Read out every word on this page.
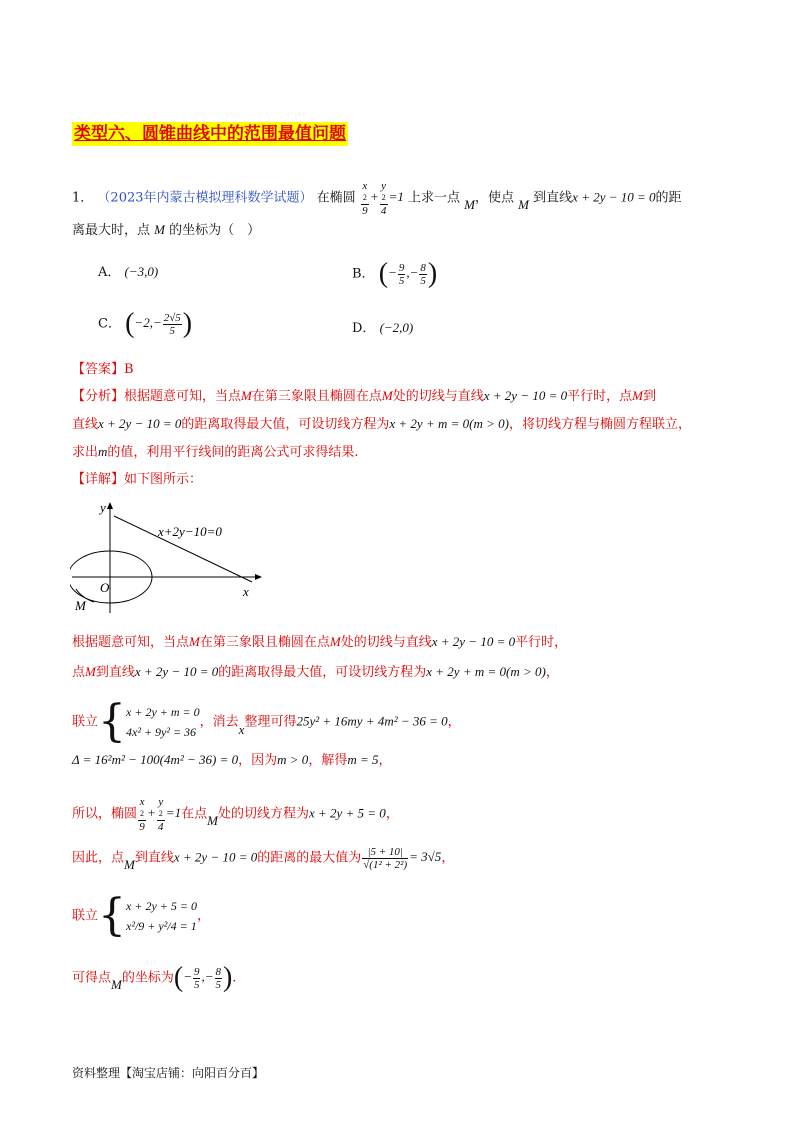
类型六、圆锥曲线中的范围最值问题
1． （2023年内蒙古模拟理科数学试题） 在椭圆 x
2
9 + y
2
4 =1 上求一点 M，使点 M 到直线x + 2y − 10 = 0的距
离最大时，点 M 的坐标为（　）
A． (−3,0)	B． (− $\frac{9}{5}$ ,− $\frac{8}{5}$ )
C． ($-2,- \frac{2√5}{5}$ )	D． (−2,0)
【答案】B
【分析】根据题意可知，当点M在第三象限且椭圆在点M处的切线与直线x + 2y − 10 = 0平行时，点M到
直线x + 2y − 10 = 0的距离取得最大值，可设切线方程为x + 2y + m = 0(m > 0)，将切线方程与椭圆方程联立，
求出m的值，利用平行线间的距离公式可求得结果.
【详解】如下图所示：
y
x
O
M
x+2y−10=0
根据题意可知，当点M在第三象限且椭圆在点M处的切线与直线x + 2y − 10 = 0平行时，
点M到直线x + 2y − 10 = 0的距离取得最大值，可设切线方程为x + 2y + m = 0(m > 0)，
联立{x + 2y + m = 0
4x² + 9y² = 36，消去x整理可得25y² + 16my + 4m² − 36 = 0，
Δ = 16²m² − 100(4m² − 36) = 0，因为m > 0，解得m = 5，
所以，椭圆 x
2
9 + y
2
4 =1在点M处的切线方程为x + 2y + 5 = 0，
因此，点M到直线x + 2y − 10 = 0的距离的最大值为 $\frac{|5 + 10|}{\text{√(1² + 2²)}} = 3√5$，
联立{x + 2y + 5 = 0
x²/9 + y²/4 = 1，
可得点M的坐标为(− $\frac{9}{5}$ ,− $\frac{8}{5}$ ).
资料整理【淘宝店铺：向阳百分百】
